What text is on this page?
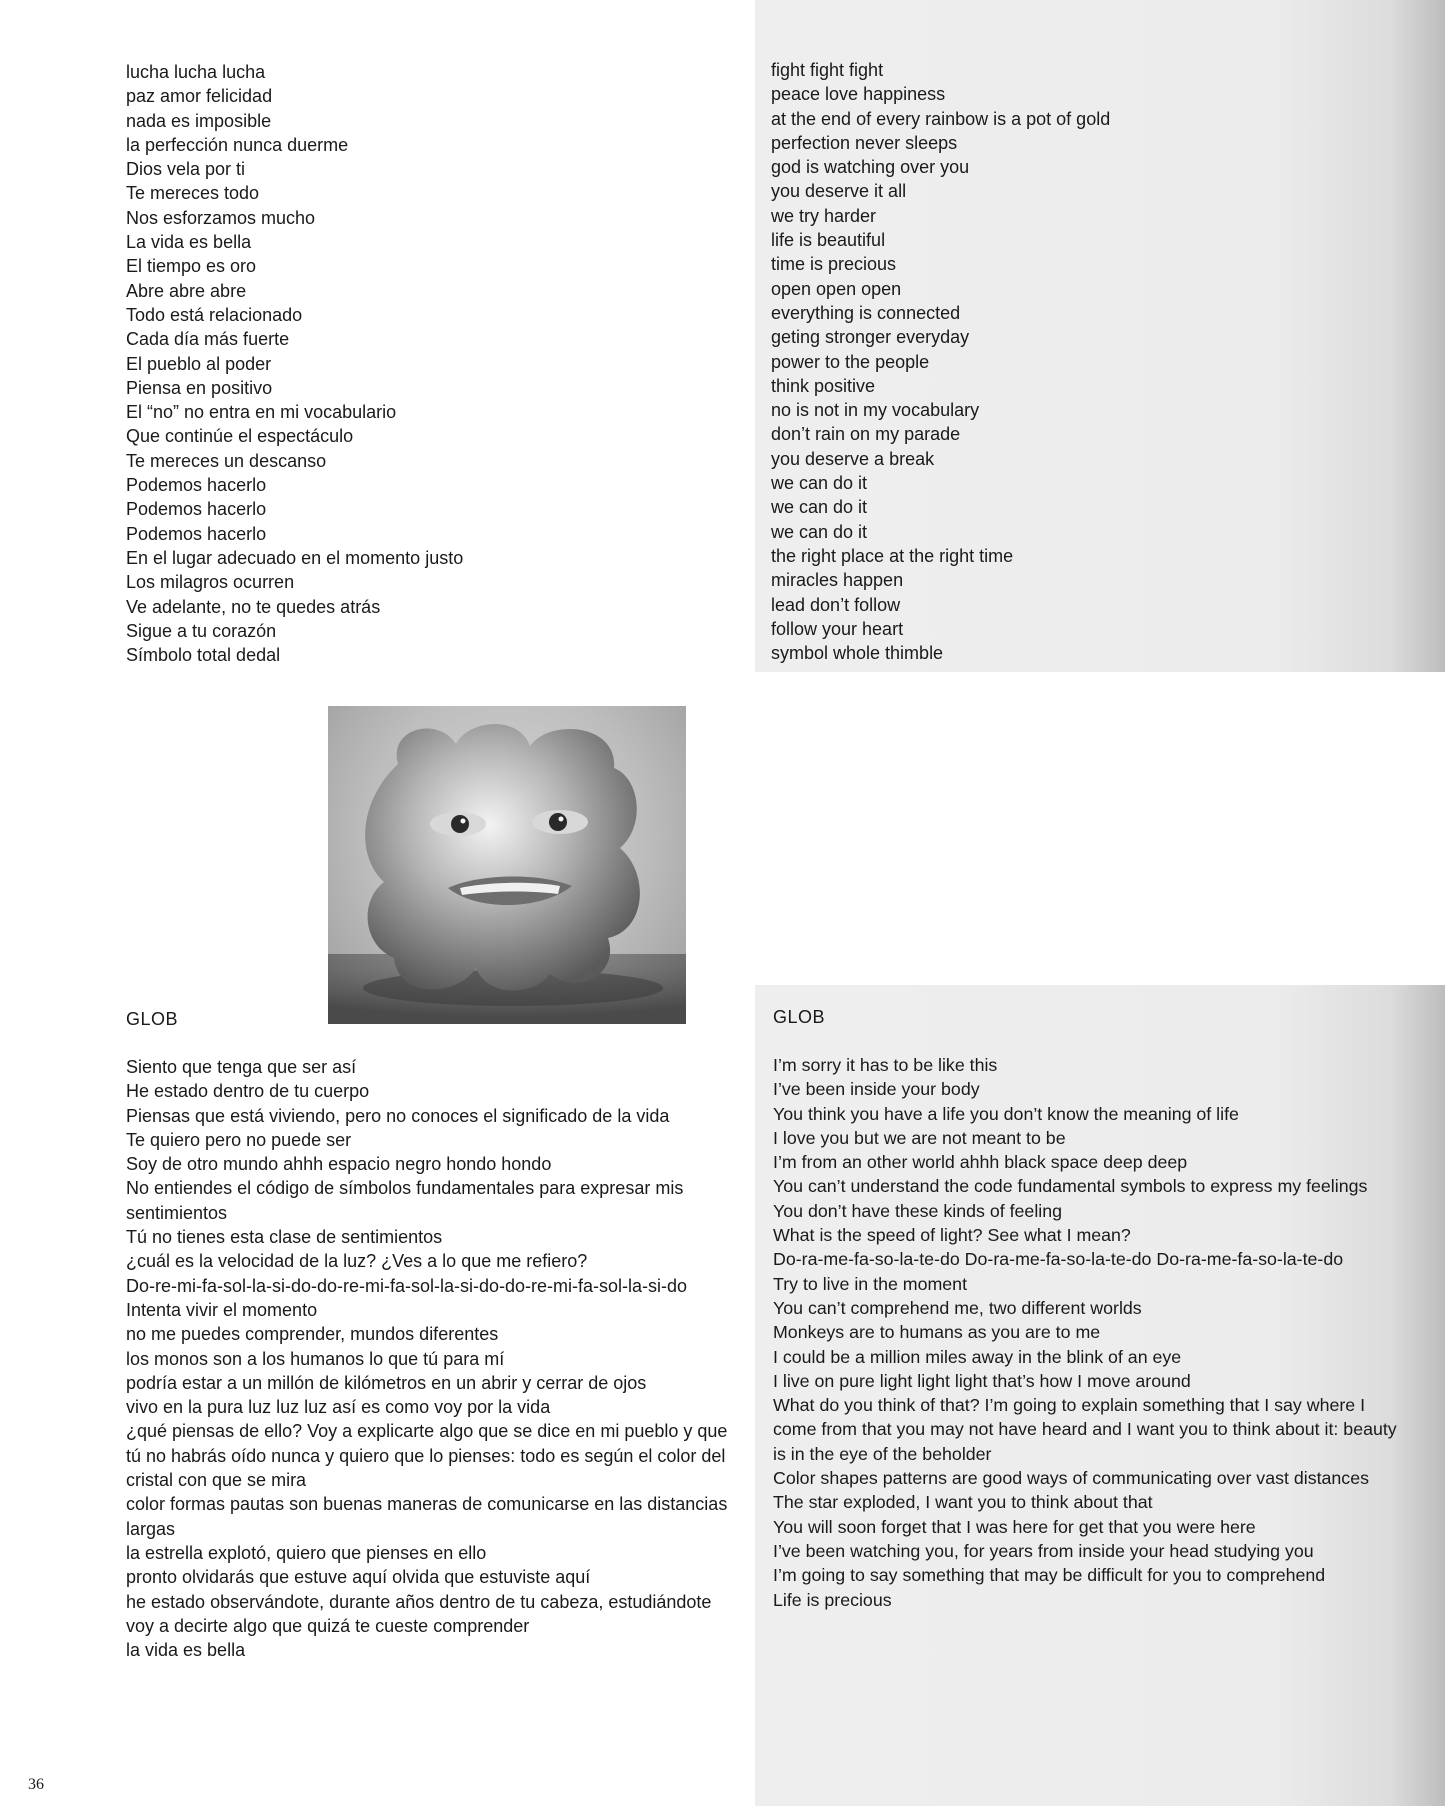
lucha lucha lucha
paz amor felicidad
nada es imposible
la perfección nunca duerme
Dios vela por ti
Te mereces todo
Nos esforzamos mucho
La vida es bella
El tiempo es oro
Abre abre abre
Todo está relacionado
Cada día más fuerte
El pueblo al poder
Piensa en positivo
El “no” no entra en mi vocabulario
Que continúe el espectáculo
Te mereces un descanso
Podemos hacerlo
Podemos hacerlo
Podemos hacerlo
En el lugar adecuado en el momento justo
Los milagros ocurren
Ve adelante, no te quedes atrás
Sigue a tu corazón
Símbolo total dedal
fight fight fight
peace love happiness
at the end of every rainbow is a pot of gold
perfection never sleeps
god is watching over you
you deserve it all
we try harder
life is beautiful
time is precious
open open open
everything is connected
geting stronger everyday
power to the people
think positive
no is not in my vocabulary
don’t rain on my parade
you deserve a break
we can do it
we can do it
we can do it
the right place at the right time
miracles happen
lead don’t follow
follow your heart
symbol whole thimble
GLOB
Siento que tenga que ser así
He estado dentro de tu cuerpo
Piensas que está viviendo, pero no conoces el significado de la vida
Te quiero pero no puede ser
Soy de otro mundo ahhh espacio negro hondo hondo
No entiendes el código de símbolos fundamentales para expresar mis sentimientos
Tú no tienes esta clase de sentimientos
¿cuál es la velocidad de la luz? ¿Ves a lo que me refiero?
Do-re-mi-fa-sol-la-si-do-do-re-mi-fa-sol-la-si-do-do-re-mi-fa-sol-la-si-do
Intenta vivir el momento
no me puedes comprender, mundos diferentes
los monos son a los humanos lo que tú para mí
podría estar a un millón de kilómetros en un abrir y cerrar de ojos
vivo en la pura luz luz luz así es como voy por la vida
¿qué piensas de ello? Voy a explicarte algo que se dice en mi pueblo y que tú no habrás oído nunca y quiero que lo pienses: todo es según el color del cristal con que se mira
color formas pautas son buenas maneras de comunicarse en las distancias largas
la estrella explotó, quiero que pienses en ello
pronto olvidarás que estuve aquí olvida que estuviste aquí
he estado observándote, durante años dentro de tu cabeza, estudiándote
voy a decirte algo que quizá te cueste comprender
la vida es bella
GLOB
I’m sorry it has to be like this
I’ve been inside your body
You think you have a life you don’t know the meaning of life
I love you but we are not meant to be
I’m from an other world ahhh black space deep deep
You can’t understand the code fundamental symbols to express my feelings
You don’t have these kinds of feeling
What is the speed of light? See what I mean?
Do-ra-me-fa-so-la-te-do Do-ra-me-fa-so-la-te-do Do-ra-me-fa-so-la-te-do
Try to live in the moment
You can’t comprehend me, two different worlds
Monkeys are to humans as you are to me
I could be a million miles away in the blink of an eye
I live on pure light light light that’s how I move around
What do you think of that? I’m going to explain something that I say where I come from that you may not have heard and I want you to think about it: beauty is in the eye of the beholder
Color shapes patterns are good ways of communicating over vast distances
The star exploded, I want you to think about that
You will soon forget that I was here for get that you were here
I’ve been watching you, for years from inside your head studying you
I’m going to say something that may be difficult for you to comprehend
Life is precious
36
